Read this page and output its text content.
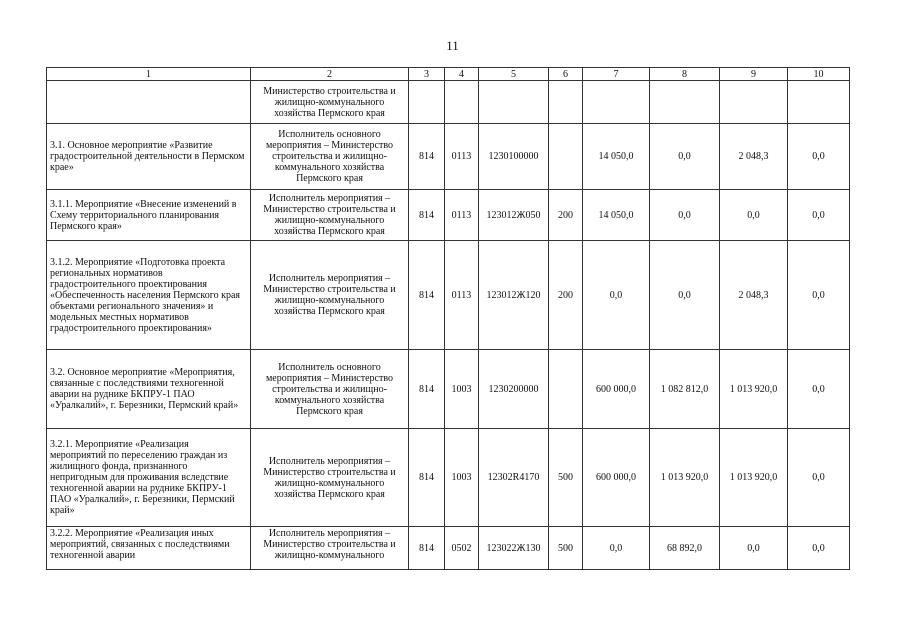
11
1	2	3	4	5	6	7	8	9	10
	Министерство строительства и жилищно-коммунального хозяйства Пермского края								
3.1. Основное мероприятие «Развитие градостроительной деятельности в Пермском крае»	Исполнитель основного мероприятия – Министерство строительства и жилищно-коммунального хозяйства Пермского края	814	0113	1230100000		14 050,0	0,0	2 048,3	0,0
3.1.1. Мероприятие «Внесение изменений в Схему территориального планирования Пермского края»	Исполнитель мероприятия – Министерство строительства и жилищно-коммунального хозяйства Пермского края	814	0113	123012Ж050	200	14 050,0	0,0	0,0	0,0
3.1.2. Мероприятие «Подготовка проекта региональных нормативов градостроительного проектирования «Обеспеченность населения Пермского края объектами регионального значения» и модельных местных нормативов градостроительного проектирования»	Исполнитель мероприятия – Министерство строительства и жилищно-коммунального хозяйства Пермского края	814	0113	123012Ж120	200	0,0	0,0	2 048,3	0,0
3.2. Основное мероприятие «Мероприятия, связанные с последствиями техногенной аварии на руднике БКПРУ-1 ПАО «Уралкалий», г. Березники, Пермский край»	Исполнитель основного мероприятия – Министерство строительства и жилищно-коммунального хозяйства Пермского края	814	1003	1230200000		600 000,0	1 082 812,0	1 013 920,0	0,0
3.2.1. Мероприятие «Реализация мероприятий по переселению граждан из жилищного фонда, признанного непригодным для проживания вследствие техногенной аварии на руднике БКПРУ-1 ПАО «Уралкалий», г. Березники, Пермский край»	Исполнитель мероприятия – Министерство строительства и жилищно-коммунального хозяйства Пермского края	814	1003	12302R4170	500	600 000,0	1 013 920,0	1 013 920,0	0,0
3.2.2. Мероприятие «Реализация иных мероприятий, связанных с последствиями техногенной аварии	Исполнитель мероприятия – Министерство строительства и жилищно-коммунального	814	0502	123022Ж130	500	0,0	68 892,0	0,0	0,0
